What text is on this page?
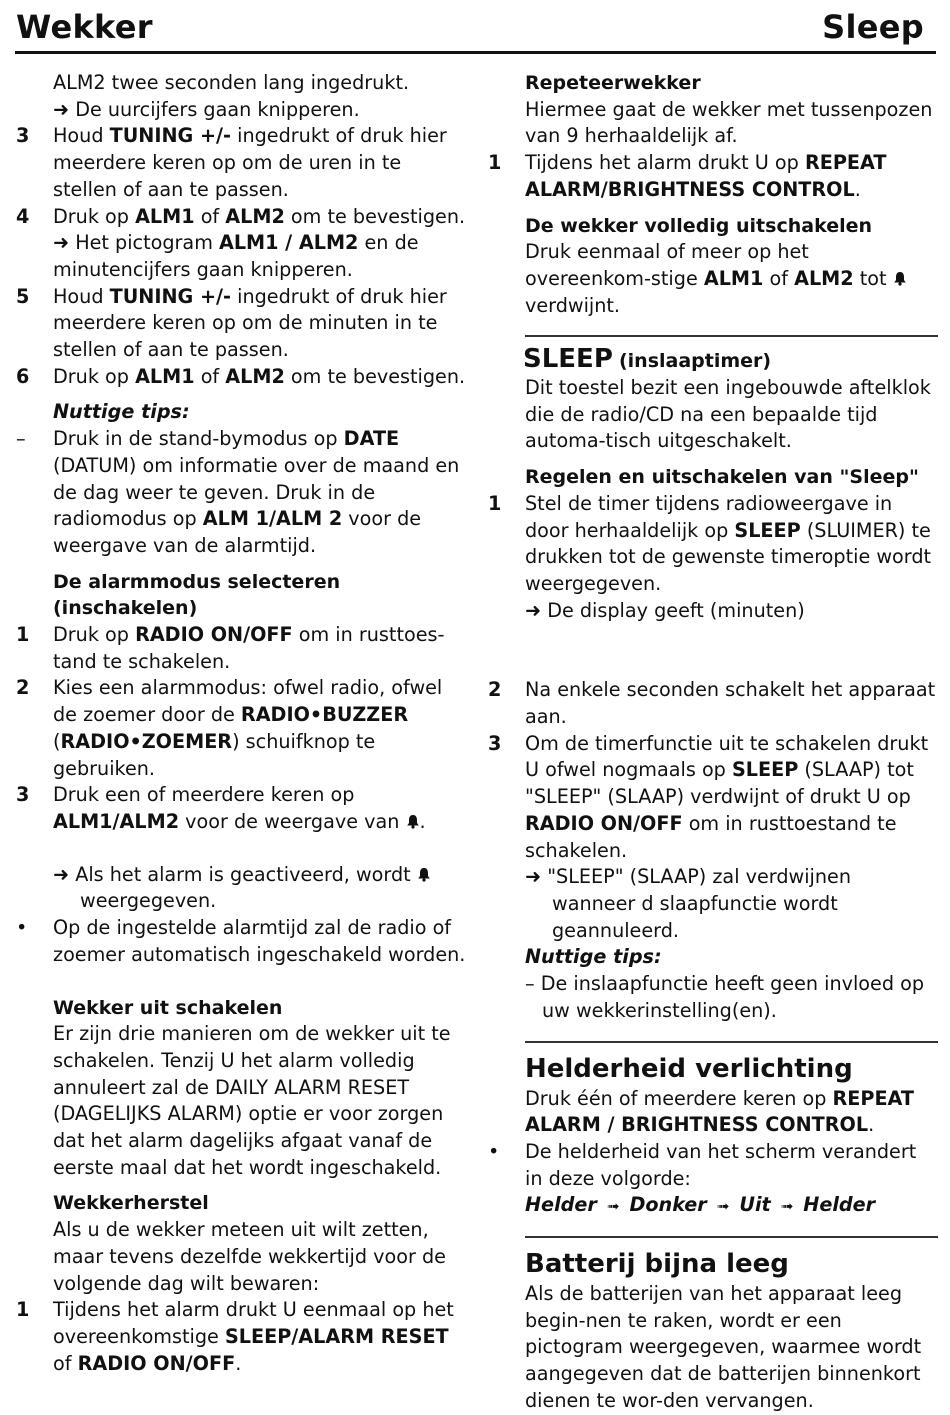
Wekker	Sleep
ALM2 twee seconden lang ingedrukt.
➜ De uurcijfers gaan knipperen.
3 Houd TUNING +/- ingedrukt of druk hier meerdere keren op om de uren in te stellen of aan te passen.
4 Druk op ALM1 of ALM2 om te bevestigen.
➜ Het pictogram ALM1 / ALM2 en de minutencijfers gaan knipperen.
5 Houd TUNING +/- ingedrukt of druk hier meerdere keren op om de minuten in te stellen of aan te passen.
6 Druk op ALM1 of ALM2 om te bevestigen.
Nuttige tips:
– Druk in de stand-bymodus op DATE (DATUM) om informatie over de maand en de dag weer te geven. Druk in de radiomodus op ALM 1/ALM 2 voor de weergave van de alarmtijd.
De alarmmodus selecteren (inschakelen)
1 Druk op RADIO ON/OFF om in rusttoes-tand te schakelen.
2 Kies een alarmmodus: ofwel radio, ofwel de zoemer door de RADIO•BUZZER (RADIO•ZOEMER) schuifknop te gebruiken.
3 Druk een of meerdere keren op ALM1/ALM2 voor de weergave van .
➜ Als het alarm is geactiveerd, wordt  weergegeven.
• Op de ingestelde alarmtijd zal de radio of zoemer automatisch ingeschakeld worden.
Wekker uit schakelen
Er zijn drie manieren om de wekker uit te schakelen. Tenzij U het alarm volledig annuleert zal de DAILY ALARM RESET (DAGELIJKS ALARM) optie er voor zorgen dat het alarm dagelijks afgaat vanaf de eerste maal dat het wordt ingeschakeld.
Wekkerherstel
Als u de wekker meteen uit wilt zetten, maar tevens dezelfde wekkertijd voor de volgende dag wilt bewaren:
1 Tijdens het alarm drukt U eenmaal op het overeenkomstige SLEEP/ALARM RESET of RADIO ON/OFF.
Repeteerwekker
Hiermee gaat de wekker met tussenpozen van 9 herhaaldelijk af.
1 Tijdens het alarm drukt U op REPEAT ALARM/BRIGHTNESS CONTROL.
De wekker volledig uitschakelen
Druk eenmaal of meer op het overeenkom-stige ALM1 of ALM2 tot  verdwijnt.
SLEEP (inslaaptimer)
Dit toestel bezit een ingebouwde aftelklok die de radio/CD na een bepaalde tijd automa-tisch uitgeschakelt.
Regelen en uitschakelen van "Sleep"
1 Stel de timer tijdens radioweergave in door herhaaldelijk op SLEEP (SLUIMER) te drukken tot de gewenste timeroptie wordt weergegeven.
➜ De display geeft (minuten)
2 Na enkele seconden schakelt het apparaat aan.
3 Om de timerfunctie uit te schakelen drukt U ofwel nogmaals op SLEEP (SLAAP) tot "SLEEP" (SLAAP) verdwijnt of drukt U op RADIO ON/OFF om in rusttoestand te schakelen.
➜ "SLEEP" (SLAAP) zal verdwijnen wanneer d slaapfunctie wordt geannuleerd.
Nuttige tips:
– De inslaapfunctie heeft geen invloed op uw wekkerinstelling(en).
Helderheid verlichting
Druk één of meerdere keren op REPEAT ALARM / BRIGHTNESS CONTROL.
• De helderheid van het scherm verandert in deze volgorde:
Helder ➟ Donker ➟ Uit ➟ Helder
Batterij bijna leeg
Als de batterijen van het apparaat leeg begin-nen te raken, wordt er een pictogram weergegeven, waarmee wordt aangegeven dat de batterijen binnenkort dienen te wor-den vervangen.
